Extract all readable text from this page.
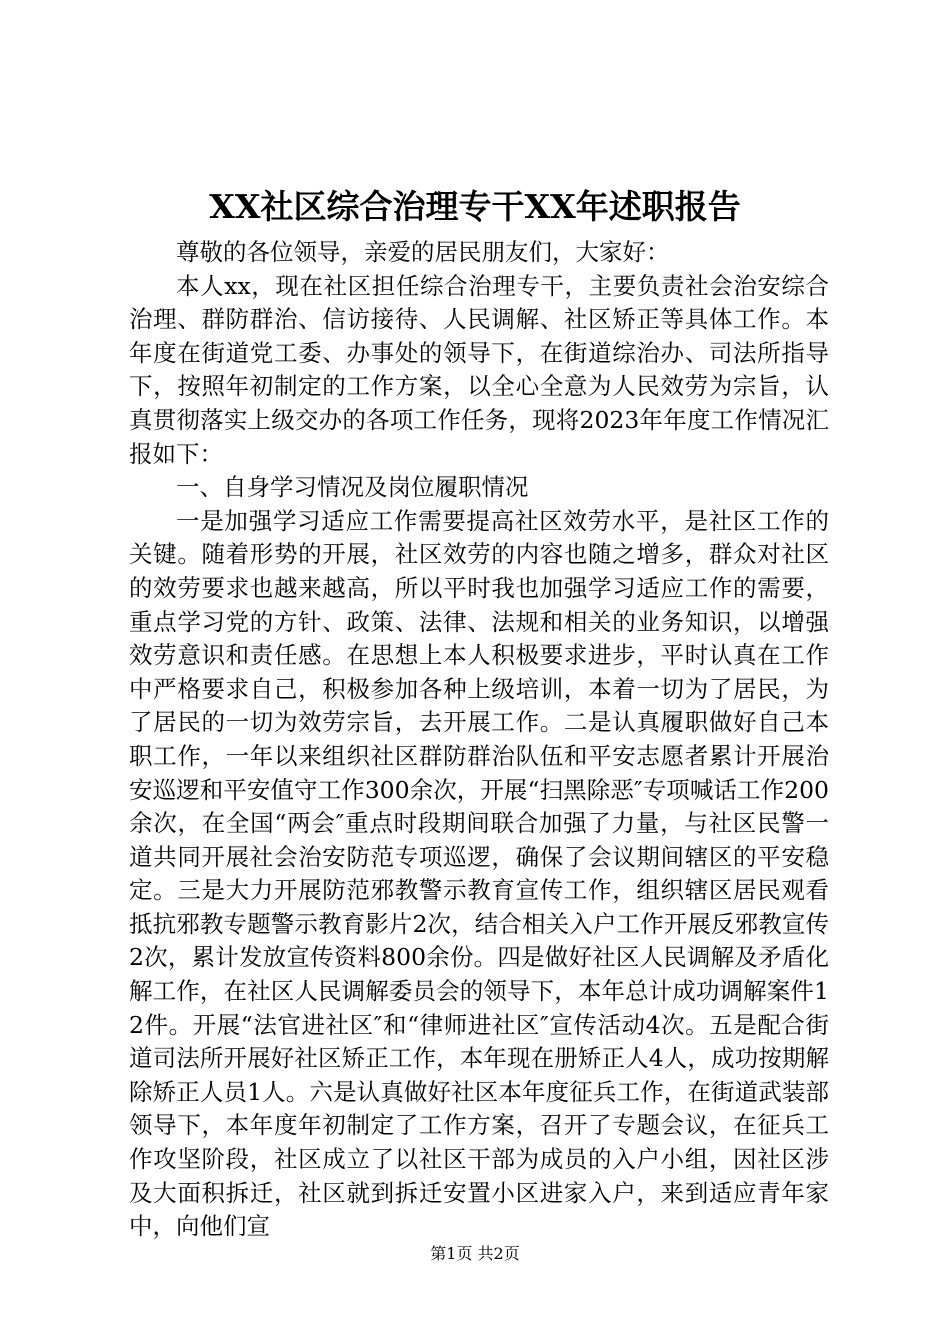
XX社区综合治理专干XX年述职报告

尊敬的各位领导，亲爱的居民朋友们，大家好：

本人xx，现在社区担任综合治理专干，主要负责社会治安综合治理、群防群治、信访接待、人民调解、社区矫正等具体工作。本年度在街道党工委、办事处的领导下，在街道综治办、司法所指导下，按照年初制定的工作方案，以全心全意为人民效劳为宗旨，认真贯彻落实上级交办的各项工作任务，现将2023年年度工作情况汇报如下：

一、自身学习情况及岗位履职情况

一是加强学习适应工作需要提高社区效劳水平，是社区工作的关键。随着形势的开展，社区效劳的内容也随之增多，群众对社区的效劳要求也越来越高，所以平时我也加强学习适应工作的需要，重点学习党的方针、政策、法律、法规和相关的业务知识，以增强效劳意识和责任感。在思想上本人积极要求进步，平时认真在工作中严格要求自己，积极参加各种上级培训，本着一切为了居民，为了居民的一切为效劳宗旨，去开展工作。二是认真履职做好自己本职工作，一年以来组织社区群防群治队伍和平安志愿者累计开展治安巡逻和平安值守工作300余次，开展“扫黑除恶″专项喊话工作200余次，在全国“两会″重点时段期间联合加强了力量，与社区民警一道共同开展社会治安防范专项巡逻，确保了会议期间辖区的平安稳定。三是大力开展防范邪教警示教育宣传工作，组织辖区居民观看抵抗邪教专题警示教育影片2次，结合相关入户工作开展反邪教宣传2次，累计发放宣传资料800余份。四是做好社区人民调解及矛盾化解工作，在社区人民调解委员会的领导下，本年总计成功调解案件12件。开展“法官进社区″和“律师进社区″宣传活动4次。五是配合街道司法所开展好社区矫正工作，本年现在册矫正人4人，成功按期解除矫正人员1人。六是认真做好社区本年度征兵工作，在街道武装部领导下，本年度年初制定了工作方案，召开了专题会议，在征兵工作攻坚阶段，社区成立了以社区干部为成员的入户小组，因社区涉及大面积拆迁，社区就到拆迁安置小区进家入户，来到适应青年家中，向他们宣

第1页 共2页
